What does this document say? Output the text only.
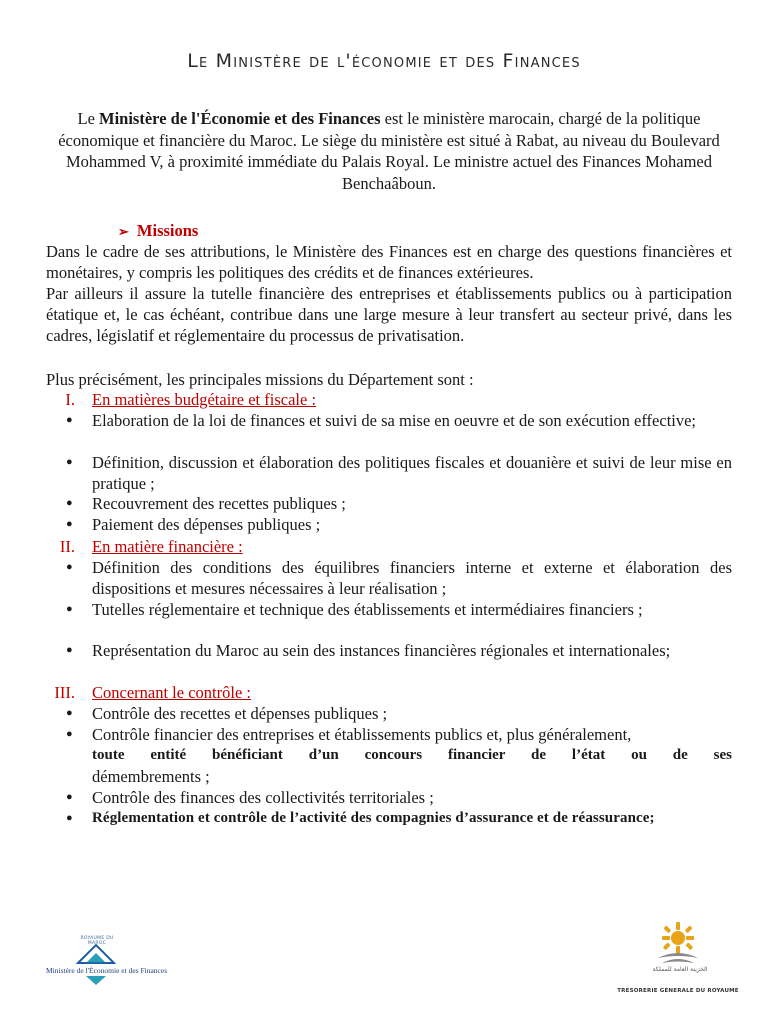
Le Ministère de l'économie et des Finances

Le Ministère de l'Économie et des Finances est le ministère marocain, chargé de la politique économique et financière du Maroc. Le siège du ministère est situé à Rabat, au niveau du Boulevard Mohammed V, à proximité immédiate du Palais Royal. Le ministre actuel des Finances Mohamed Benchaâboun.

➢ Missions

Dans le cadre de ses attributions, le Ministère des Finances est en charge des questions financières et monétaires, y compris les politiques des crédits et de finances extérieures.

Par ailleurs il assure la tutelle financière des entreprises et établissements publics ou à participation étatique et, le cas échéant, contribue dans une large mesure à leur transfert au secteur privé, dans les cadres, législatif et réglementaire du processus de privatisation.

Plus précisément, les principales missions du Département sont :

I. En matières budgétaire et fiscale :
● Elaboration de la loi de finances et suivi de sa mise en oeuvre et de son exécution effective;

● Définition, discussion et élaboration des politiques fiscales et douanière et suivi de leur mise en pratique ;

● Recouvrement des recettes publiques ;

● Paiement des dépenses publiques ;

II. En matière financière :
● Définition des conditions des équilibres financiers interne et externe et élaboration des dispositions et mesures nécessaires à leur réalisation ;

● Tutelles réglementaire et technique des établissements et intermédiaires financiers ;

● Représentation du Maroc au sein des instances financières régionales et internationales;

III. Concernant le contrôle :
● Contrôle des recettes et dépenses publiques ;

● Contrôle financier des entreprises et établissements publics et, plus généralement,
toute entité bénéficiant d’un concours financier de l’état ou de ses
démembrements ;
● Contrôle des finances des collectivités territoriales ;

● Réglementation et contrôle de l’activité des compagnies d’assurance et de réassurance;

ROYAUME DU MAROC
Ministère de l'Économie et des Finances	الخزينة العامة للمملكة
TRESORERIE GENERALE DU ROYAUME
